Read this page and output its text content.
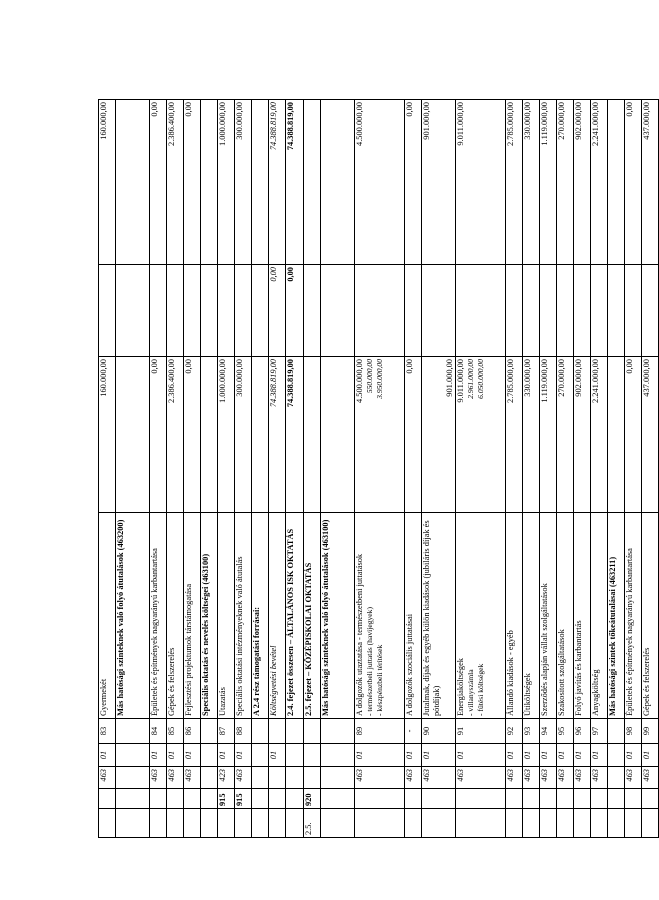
		463	01	83	Gyermekét	160.000,00		160.000,00

					Más hatósági szinteknek való folyó átutalások (463200)			

		463	01	84	Épületek és építmények nagyarányú karbantartása	0,00		0,00
		463	01	85	Gépek és felszerelés	2.386.400,00		2.386.400,00
		463	01	86	Fejlesztési projektumok társtámogatása	0,00		0,00

					Speciális oktatás és nevelés költségei (463100)			

	915	423	01	87	Utazatás	1.000.000,00		1.000.000,00
	915	463	01	88	Speciális oktatási intézményeknek való átutalás	300.000,00		300.000,00

					A 2.4 rész támogatási forrásai:			

			01		Költségvetési bevétel	74.388.819,00	0,00	74.388.819,00

					2.4. fejezet összesen – ÁLTALÁNOS ISK OKTATÁS	74.388.819,00	0,00	74.388.819,00
2.5.	920				2.5. fejezet – KÖZÉPISKOLAI OKTATÁS			

					Más hatósági szinteknek való folyó átutalások (463100)			

		463	01	89	A dolgozók utaztatása - természetbeni juttatások - természetbeli juttatás (havijegyek) - készpénzbeli térítések	4.500.000,00 550.000,00 3.950.000,00		4.500.000,00
		463	01	-	A dolgozók szociális juttatásai	0,00		0,00
		463	01	90	Jutalmak, díjak és egyéb külön kiadások (jubiláris díjak és pótdíjak)	901.000,00		901.000,00
		463	01	91	Energiaköltségek - villanyszámla - fűtési költségek	9.011.000,00 2.961.000,00 6.050.000,00		9.011.000,00
		463	01	92	Állandó kiadások - egyéb	2.785.000,00		2.785.000,00
		463	01	93	Útiköltségek	330.000,00		330.000,00
		463	01	94	Szerződés alapján vállalt szolgáltatások	1.119.000,00		1.119.000,00
		463	01	95	Szakosított szolgáltatások	270.000,00		270.000,00
		463	01	96	Folyó javítás és karbantartás	902.000,00		902.000,00
		463	01	97	Anyagköltség	2.241.000,00		2.241.000,00

					Más hatósági szintek tőkeátutalásai (463211)			

		463	01	98	Épületek és építmények nagyarányú karbantartása	0,00		0,00
		463	01	99	Gépek és felszerelés	437.000,00		437.000,00
